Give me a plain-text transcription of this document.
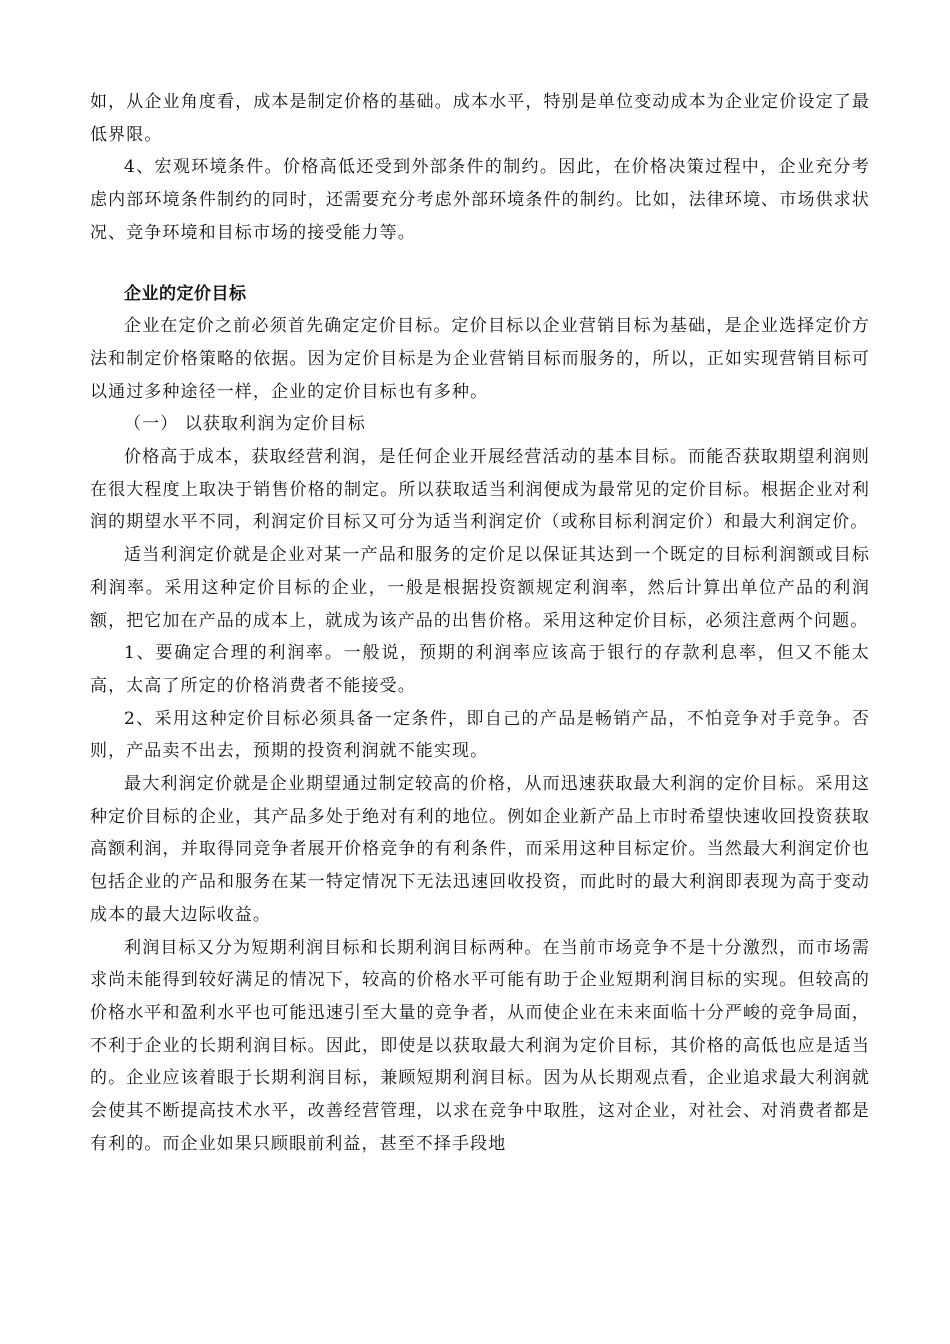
如，从企业角度看，成本是制定价格的基础。成本水平，特别是单位变动成本为企业定价设定了最低界限。

4、宏观环境条件。价格高低还受到外部条件的制约。因此，在价格决策过程中，企业充分考虑内部环境条件制约的同时，还需要充分考虑外部环境条件的制约。比如，法律环境、市场供求状况、竞争环境和目标市场的接受能力等。

企业的定价目标

企业在定价之前必须首先确定定价目标。定价目标以企业营销目标为基础，是企业选择定价方法和制定价格策略的依据。因为定价目标是为企业营销目标而服务的，所以，正如实现营销目标可以通过多种途径一样，企业的定价目标也有多种。

（一） 以获取利润为定价目标

价格高于成本，获取经营利润，是任何企业开展经营活动的基本目标。而能否获取期望利润则在很大程度上取决于销售价格的制定。所以获取适当利润便成为最常见的定价目标。根据企业对利润的期望水平不同，利润定价目标又可分为适当利润定价（或称目标利润定价）和最大利润定价。

适当利润定价就是企业对某一产品和服务的定价足以保证其达到一个既定的目标利润额或目标利润率。采用这种定价目标的企业，一般是根据投资额规定利润率，然后计算出单位产品的利润额，把它加在产品的成本上，就成为该产品的出售价格。采用这种定价目标，必须注意两个问题。

1、要确定合理的利润率。一般说，预期的利润率应该高于银行的存款利息率，但又不能太高，太高了所定的价格消费者不能接受。

2、采用这种定价目标必须具备一定条件，即自己的产品是畅销产品，不怕竞争对手竞争。否则，产品卖不出去，预期的投资利润就不能实现。

最大利润定价就是企业期望通过制定较高的价格，从而迅速获取最大利润的定价目标。采用这种定价目标的企业，其产品多处于绝对有利的地位。例如企业新产品上市时希望快速收回投资获取高额利润，并取得同竞争者展开价格竞争的有利条件，而采用这种目标定价。当然最大利润定价也包括企业的产品和服务在某一特定情况下无法迅速回收投资，而此时的最大利润即表现为高于变动成本的最大边际收益。

利润目标又分为短期利润目标和长期利润目标两种。在当前市场竞争不是十分激烈，而市场需求尚未能得到较好满足的情况下，较高的价格水平可能有助于企业短期利润目标的实现。但较高的价格水平和盈利水平也可能迅速引至大量的竞争者，从而使企业在未来面临十分严峻的竞争局面，不利于企业的长期利润目标。因此，即使是以获取最大利润为定价目标，其价格的高低也应是适当的。企业应该着眼于长期利润目标，兼顾短期利润目标。因为从长期观点看，企业追求最大利润就会使其不断提高技术水平，改善经营管理，以求在竞争中取胜，这对企业，对社会、对消费者都是有利的。而企业如果只顾眼前利益，甚至不择手段地
